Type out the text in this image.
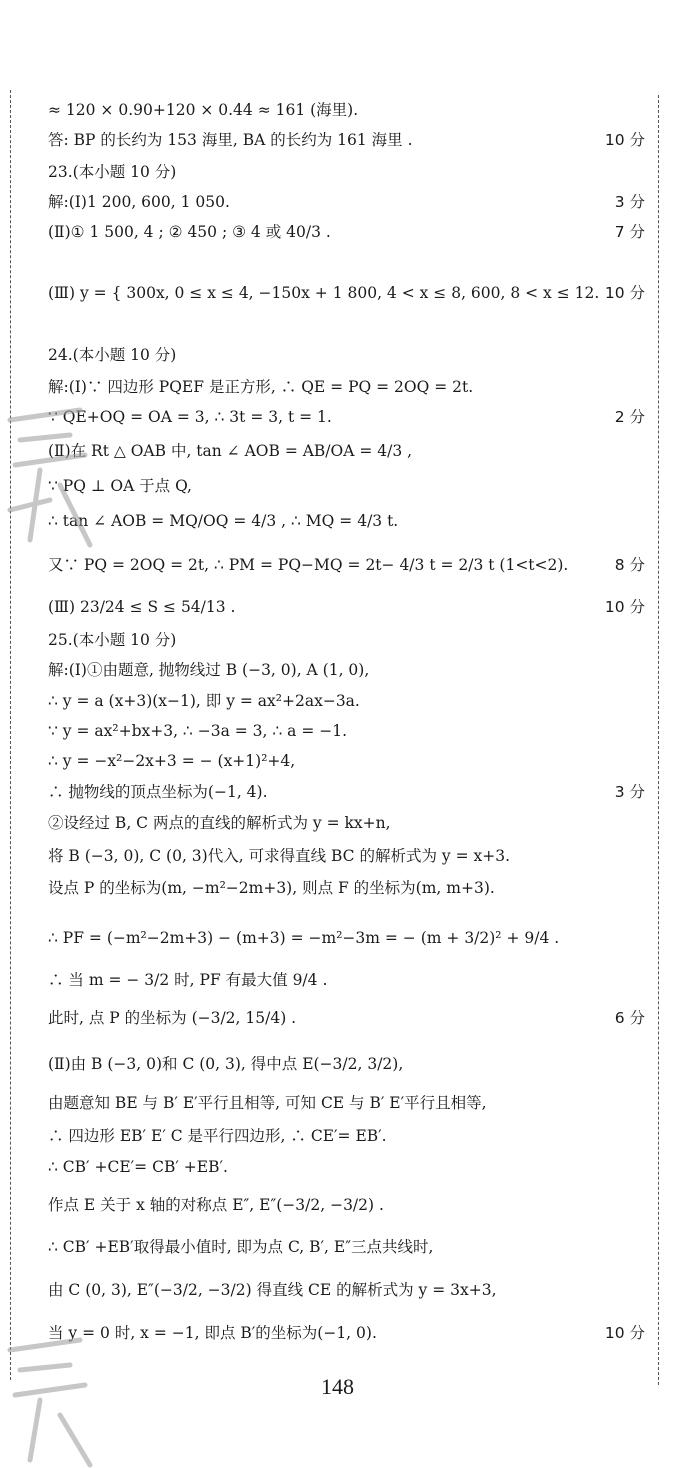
≈ 120 × 0.90+120 × 0.44 ≈ 161 (海里).
答: BP 的长约为 153 海里, BA 的长约为 161 海里 .	10 分
23.(本小题 10 分)
解:(Ⅰ)1 200, 600, 1 050.	3 分
(Ⅱ)① 1 500, 4 ; ② 450 ; ③ 4 或 40/3 .	7 分
(Ⅲ) y = { 300x, 0 ≤ x ≤ 4, −150x + 1 800, 4 < x ≤ 8, 600, 8 < x ≤ 12. 10 分
24.(本小题 10 分)
解:(Ⅰ)∵ 四边形 PQEF 是正方形, ∴ QE = PQ = 2OQ = 2t.
∵ QE+OQ = OA = 3, ∴ 3t = 3, t = 1.	2 分
(Ⅱ)在 Rt △ OAB 中, tan ∠ AOB = AB/OA = 4/3 ,
∵ PQ ⊥ OA 于点 Q,
∴ tan ∠ AOB = MQ/OQ = 4/3 , ∴ MQ = 4/3 t.
又∵ PQ = 2OQ = 2t, ∴ PM = PQ−MQ = 2t− 4/3 t = 2/3 t (1<t<2).	8 分
(Ⅲ) 23/24 ≤ S ≤ 54/13 .	10 分
25.(本小题 10 分)
解:(Ⅰ)①由题意, 抛物线过 B (−3, 0), A (1, 0),
∴ y = a (x+3)(x−1), 即 y = ax²+2ax−3a.
∵ y = ax²+bx+3, ∴ −3a = 3, ∴ a = −1.
∴ y = −x²−2x+3 = − (x+1)²+4,
∴ 抛物线的顶点坐标为(−1, 4).	3 分
②设经过 B, C 两点的直线的解析式为 y = kx+n,
将 B (−3, 0), C (0, 3)代入, 可求得直线 BC 的解析式为 y = x+3.
设点 P 的坐标为(m, −m²−2m+3), 则点 F 的坐标为(m, m+3).
∴ PF = (−m²−2m+3) − (m+3) = −m²−3m = − (m + 3/2)² + 9/4 .
∴ 当 m = − 3/2 时, PF 有最大值 9/4 .
此时, 点 P 的坐标为 (−3/2, 15/4) .	6 分
(Ⅱ)由 B (−3, 0)和 C (0, 3), 得中点 E(−3/2, 3/2),
由题意知 BE 与 B′ E′平行且相等, 可知 CE 与 B′ E′平行且相等,
∴ 四边形 EB′ E′ C 是平行四边形, ∴ CE′= EB′.
∴ CB′ +CE′= CB′ +EB′.
作点 E 关于 x 轴的对称点 E″, E″(−3/2, −3/2) .
∴ CB′ +EB′取得最小值时, 即为点 C, B′, E″三点共线时,
由 C (0, 3), E″(−3/2, −3/2) 得直线 CE 的解析式为 y = 3x+3,
当 y = 0 时, x = −1, 即点 B′的坐标为(−1, 0).	10 分
148
